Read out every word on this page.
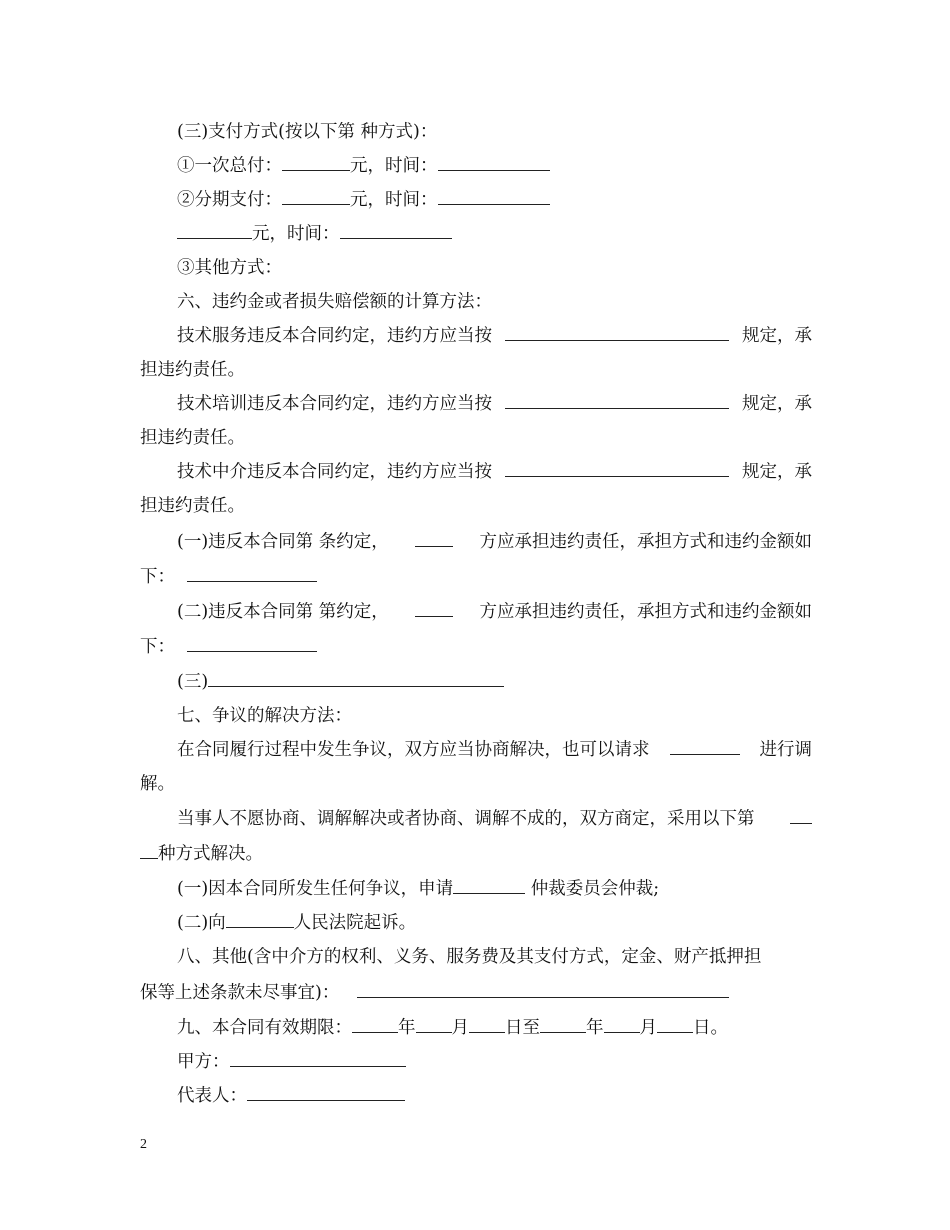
(三)支付方式(按以下第 种方式)：
①一次总付：	元，时间：
②分期支付：	元，时间：
元，时间：
③其他方式：
六、违约金或者损失赔偿额的计算方法：
技术服务违反本合同约定，违约方应当按	规定，承
担违约责任。
技术培训违反本合同约定，违约方应当按	规定，承
担违约责任。
技术中介违反本合同约定，违约方应当按	规定，承
担违约责任。
(一)违反本合同第 条约定，	方应承担违约责任，承担方式和违约金额如
下：
(二)违反本合同第 第约定，	方应承担违约责任，承担方式和违约金额如
下：
(三)
七、争议的解决方法：
在合同履行过程中发生争议，双方应当协商解决，也可以请求	进行调
解。
当事人不愿协商、调解解决或者协商、调解不成的，双方商定，采用以下第
种方式解决。
(一)因本合同所发生任何争议，申请	仲裁委员会仲裁;
(二)向	人民法院起诉。
八、其他(含中介方的权利、义务、服务费及其支付方式，定金、财产抵押担
保等上述条款未尽事宜)：
九、本合同有效期限：	年 月 日至	年 月 日。
甲方：
代表人：
2
